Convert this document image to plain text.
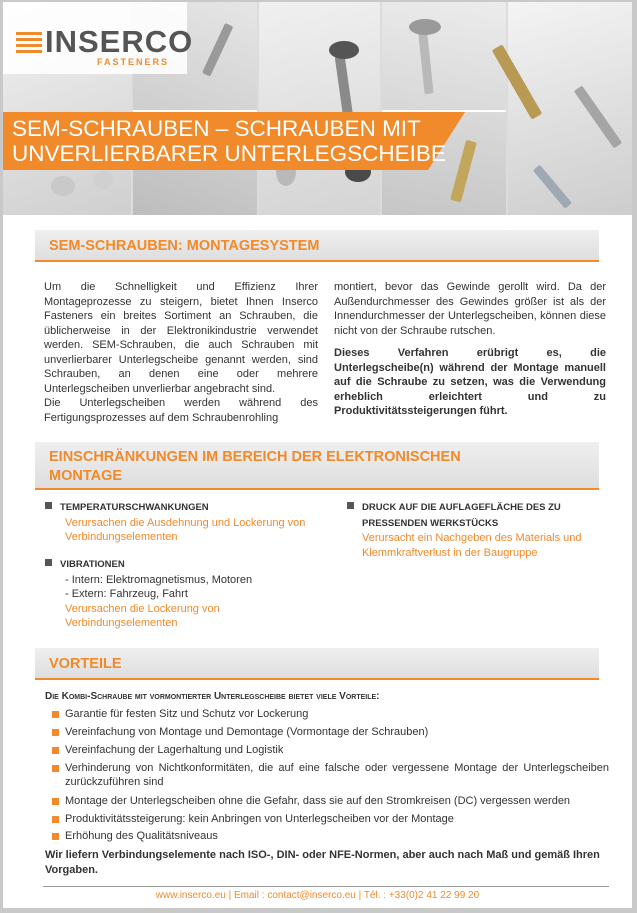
INSERCO
FASTENERS
SEM-SCHRAUBEN – SCHRAUBEN MIT UNVERLIERBARER UNTERLEGSCHEIBE
SEM-SCHRAUBEN: MONTAGESYSTEM

Um die Schnelligkeit und Effizienz Ihrer Montageprozesse zu steigern, bietet Ihnen Inserco Fasteners ein breites Sortiment an Schrauben, die üblicherweise in der Elektronikindustrie verwendet werden. SEM-Schrauben, die auch Schrauben mit unverlierbarer Unterlegscheibe genannt werden, sind Schrauben, an denen eine oder mehrere Unterlegscheiben unverlierbar angebracht sind.

Die Unterlegscheiben werden während des Fertigungsprozesses auf dem Schraubenrohling

montiert, bevor das Gewinde gerollt wird. Da der Außendurchmesser des Gewindes größer ist als der Innendurchmesser der Unterlegscheiben, können diese nicht von der Schraube rutschen.

Dieses Verfahren erübrigt es, die Unterlegscheibe(n) während der Montage manuell auf die Schraube zu setzen, was die Verwendung erheblich erleichtert und zu Produktivitätssteigerungen führt.

EINSCHRÄNKUNGEN IM BEREICH DER ELEKTRONISCHEN MONTAGE
TEMPERATURSCHWANKUNGEN
Verursachen die Ausdehnung und Lockerung von Verbindungselementen
VIBRATIONEN
- Intern: Elektromagnetismus, Motoren
- Extern: Fahrzeug, Fahrt
Verursachen die Lockerung von Verbindungselementen
DRUCK AUF DIE AUFLAGEFLÄCHE DES ZU PRESSENDEN WERKSTÜCKS
Verursacht ein Nachgeben des Materials und Klemmkraftverlust in der Baugruppe
VORTEILE
Die Kombi-Schraube mit vormontierter Unterlegscheibe bietet viele Vorteile:
Garantie für festen Sitz und Schutz vor Lockerung
Vereinfachung von Montage und Demontage (Vormontage der Schrauben)
Vereinfachung der Lagerhaltung und Logistik
Verhinderung von Nichtkonformitäten, die auf eine falsche oder vergessene Montage der Unterlegscheiben zurückzuführen sind
Montage der Unterlegscheiben ohne die Gefahr, dass sie auf den Stromkreisen (DC) vergessen werden
Produktivitätssteigerung: kein Anbringen von Unterlegscheiben vor der Montage
Erhöhung des Qualitätsniveaus
Wir liefern Verbindungselemente nach ISO-, DIN- oder NFE-Normen, aber auch nach Maß und gemäß Ihren Vorgaben.
www.inserco.eu | Email : contact@inserco.eu | Tél. : +33(0)2 41 22 99 20
